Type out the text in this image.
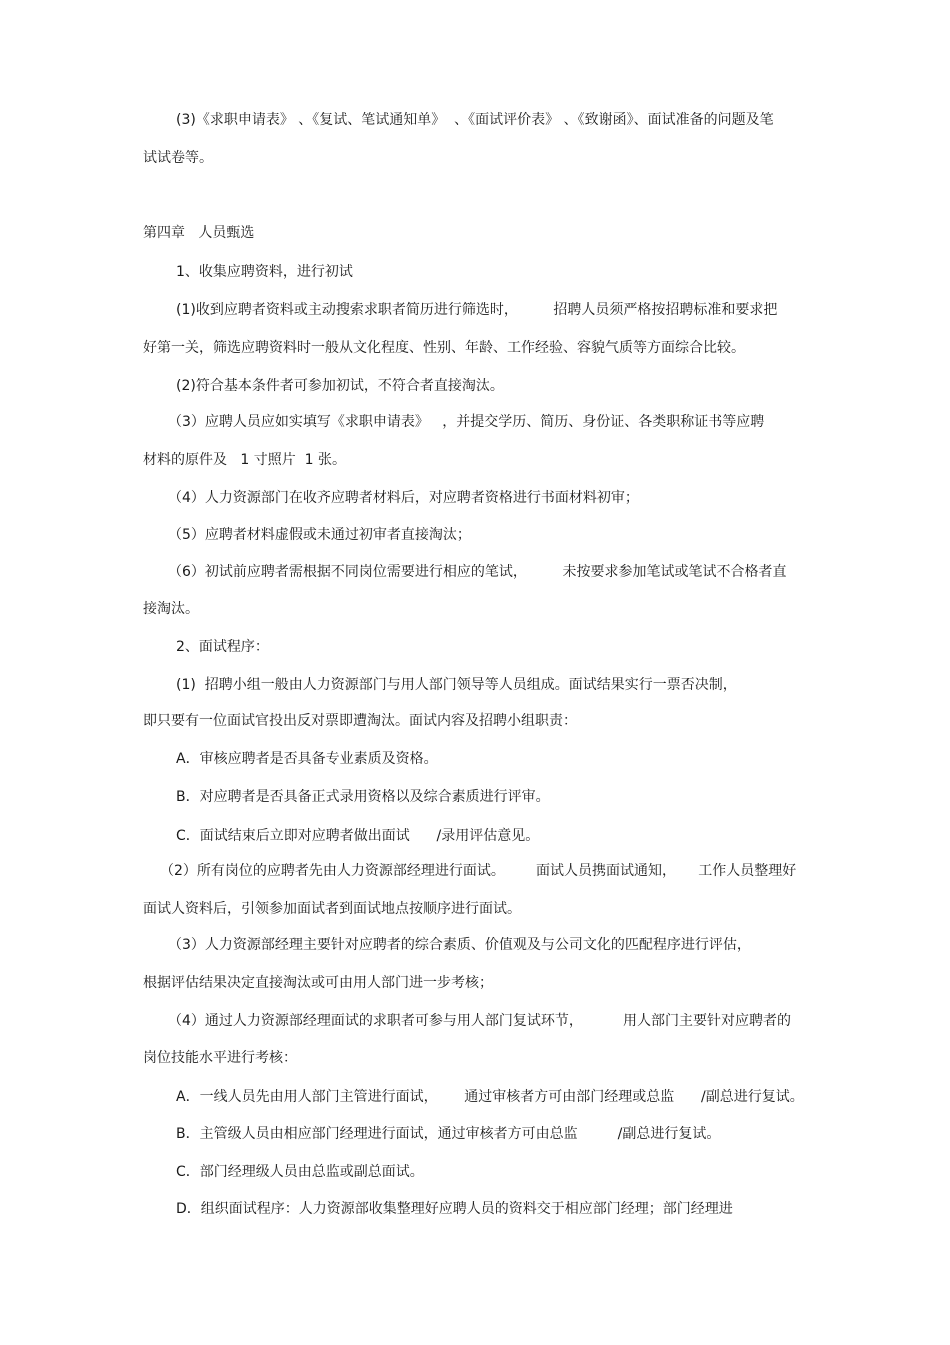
(3)《求职申请表》 、《复试、笔试通知单》  、《面试评价表》 、《致谢函》、面试准备的问题及笔
试试卷等。
第四章   人员甄选
1、收集应聘资料，进行初试
(1)收到应聘者资料或主动搜索求职者简历进行筛选时，        招聘人员须严格按招聘标准和要求把
好第一关，筛选应聘资料时一般从文化程度、性别、年龄、工作经验、容貌气质等方面综合比较。
(2)符合基本条件者可参加初试，不符合者直接淘汰。
（3）应聘人员应如实填写《求职申请表》   ，并提交学历、简历、身份证、各类职称证书等应聘
材料的原件及   1 寸照片  1 张。
（4）人力资源部门在收齐应聘者材料后，对应聘者资格进行书面材料初审；
（5）应聘者材料虚假或未通过初审者直接淘汰；
（6）初试前应聘者需根据不同岗位需要进行相应的笔试，        未按要求参加笔试或笔试不合格者直
接淘汰。
2、面试程序：
(1)  招聘小组一般由人力资源部门与用人部门领导等人员组成。面试结果实行一票否决制，
即只要有一位面试官投出反对票即遭淘汰。面试内容及招聘小组职责：
A．审核应聘者是否具备专业素质及资格。
B．对应聘者是否具备正式录用资格以及综合素质进行评审。
C．面试结束后立即对应聘者做出面试      /录用评估意见。
（2）所有岗位的应聘者先由人力资源部经理进行面试。       面试人员携面试通知，     工作人员整理好
面试人资料后，引领参加面试者到面试地点按顺序进行面试。
（3）人力资源部经理主要针对应聘者的综合素质、价值观及与公司文化的匹配程序进行评估，
根据评估结果决定直接淘汰或可由用人部门进一步考核；
（4）通过人力资源部经理面试的求职者可参与用人部门复试环节，         用人部门主要针对应聘者的
岗位技能水平进行考核：
A．一线人员先由用人部门主管进行面试，      通过审核者方可由部门经理或总监      /副总进行复试。
B．主管级人员由相应部门经理进行面试，通过审核者方可由总监         /副总进行复试。
C．部门经理级人员由总监或副总面试。
D．组织面试程序：人力资源部收集整理好应聘人员的资料交于相应部门经理；部门经理进
